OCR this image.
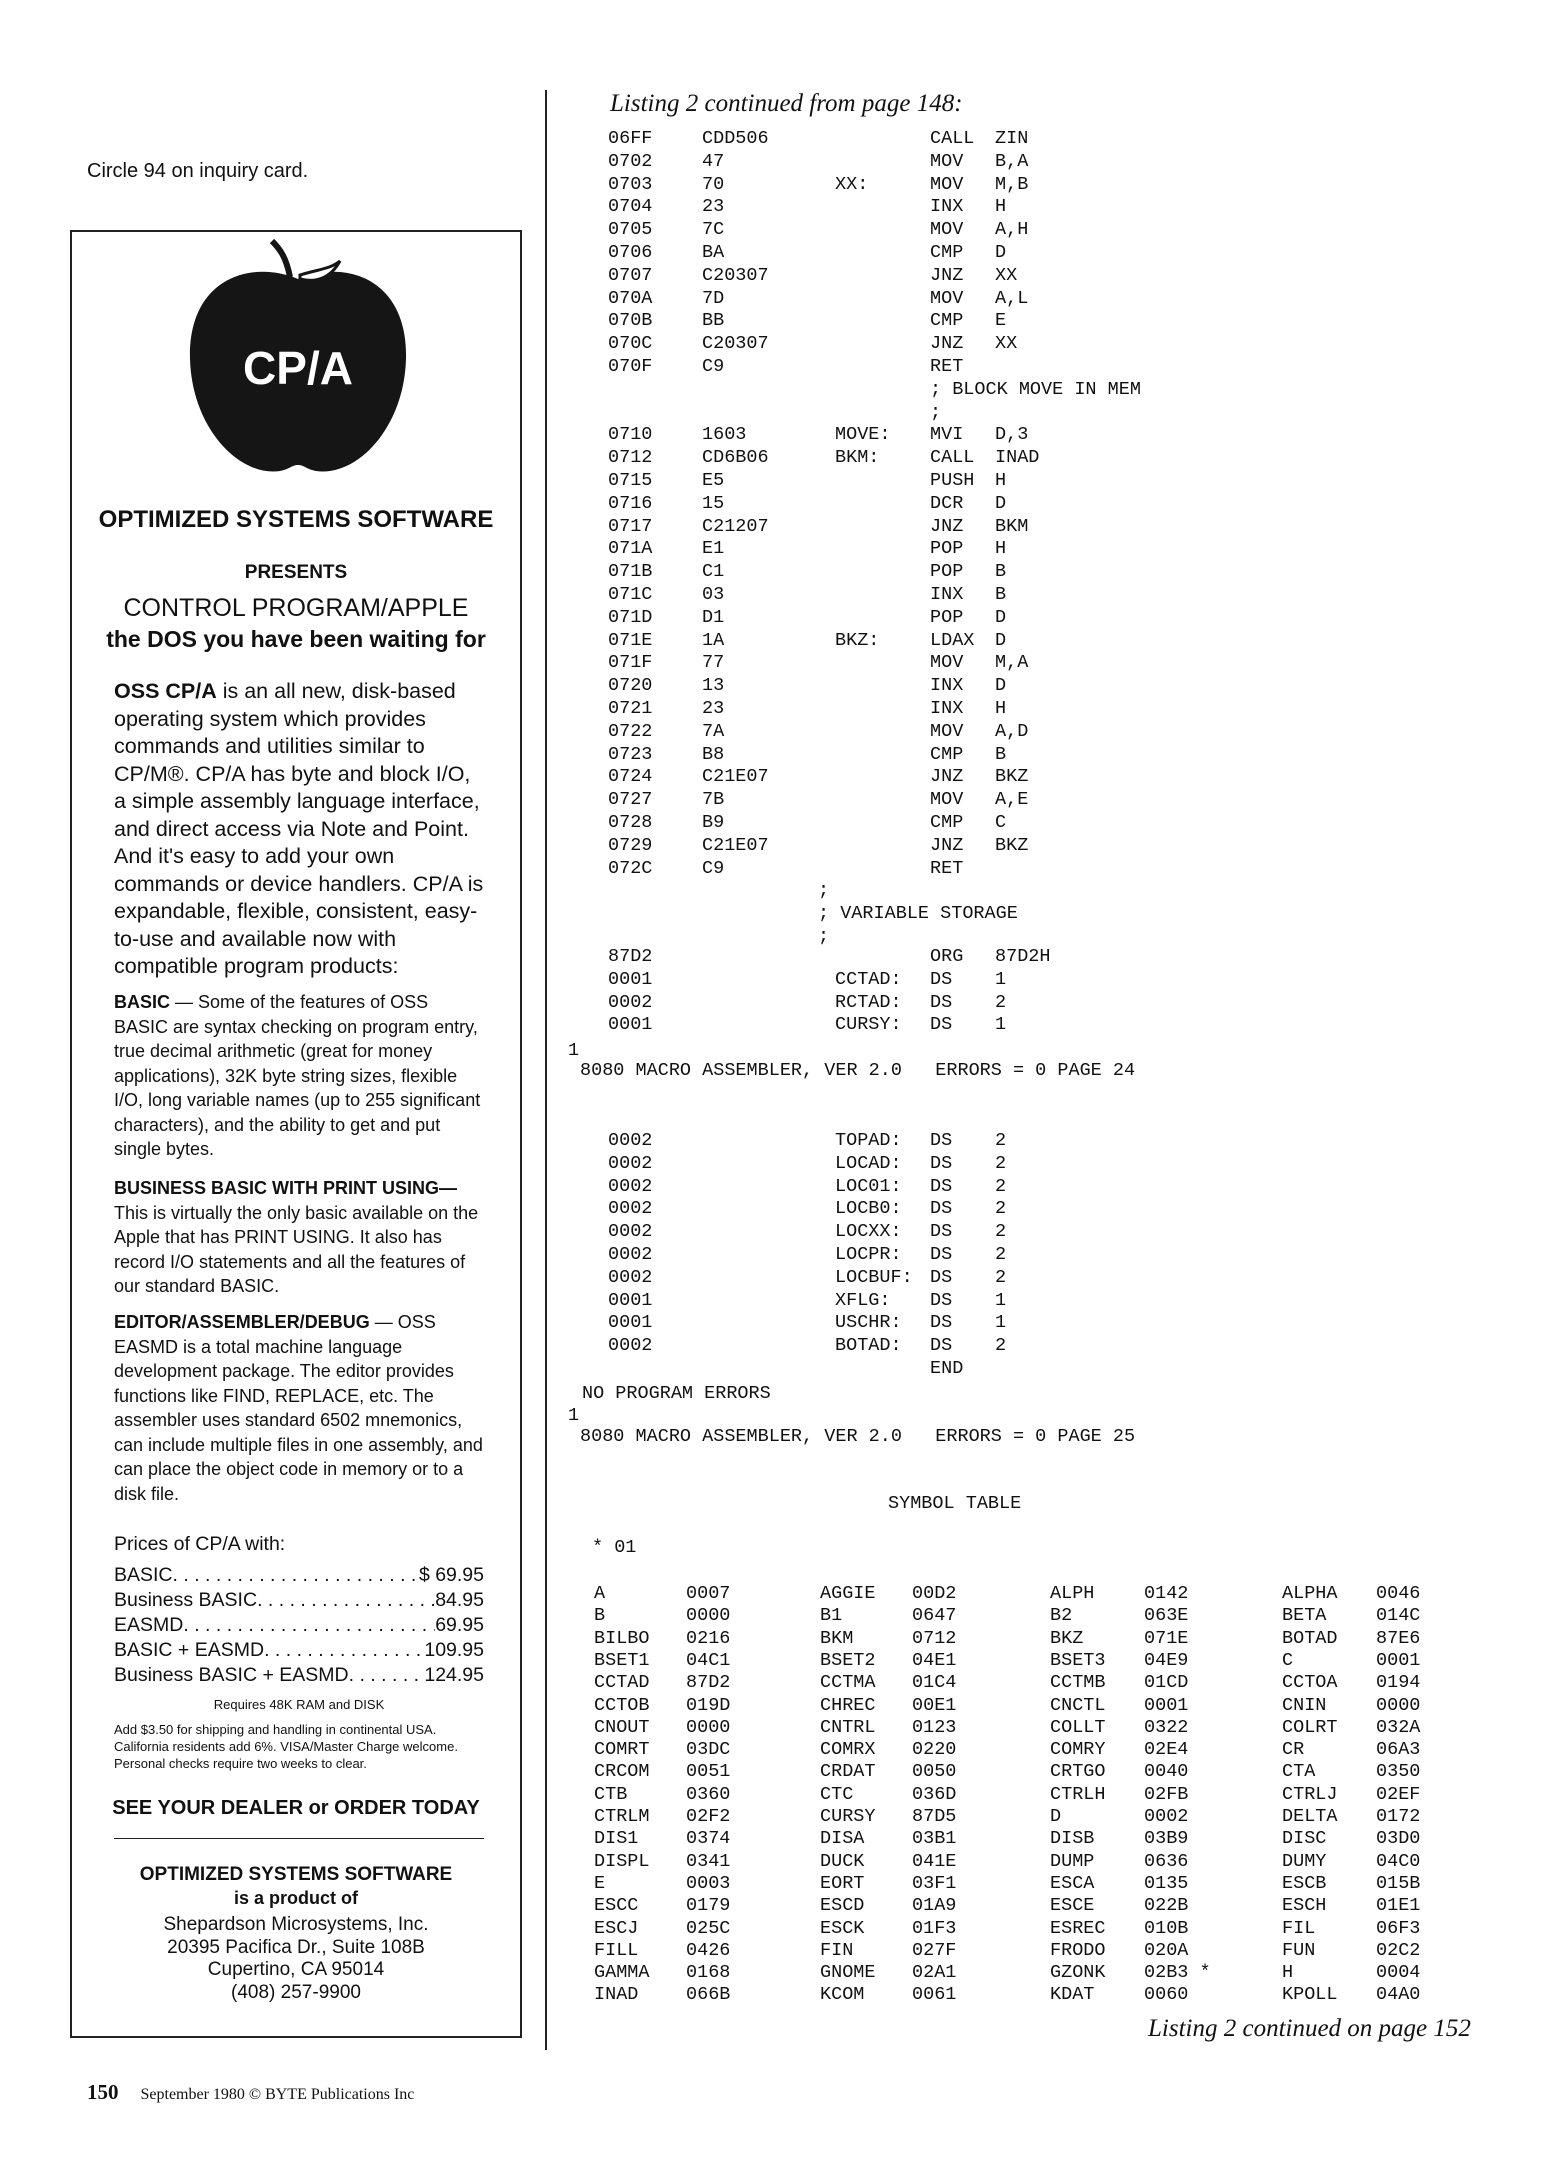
Circle 94 on inquiry card.
CP/A
OPTIMIZED SYSTEMS SOFTWARE
PRESENTS
CONTROL PROGRAM/APPLE
the DOS you have been waiting for

OSS CP/A is an all new, disk-based operating system which provides commands and utilities similar to CP/M®. CP/A has byte and block I/O, a simple assembly language interface, and direct access via Note and Point. And it's easy to add your own commands or device handlers. CP/A is expandable, flexible, consistent, easy-to-use and available now with compatible program products:

BASIC — Some of the features of OSS BASIC are syntax checking on program entry, true decimal arithmetic (great for money applications), 32K byte string sizes, flexible I/O, long variable names (up to 255 significant characters), and the ability to get and put single bytes.

BUSINESS BASIC WITH PRINT USING—
This is virtually the only basic available on the Apple that has PRINT USING. It also has record I/O statements and all the features of our standard BASIC.

EDITOR/ASSEMBLER/DEBUG — OSS EASMD is a total machine language development package. The editor provides functions like FIND, REPLACE, etc. The assembler uses standard 6502 mnemonics, can include multiple files in one assembly, and can place the object code in memory or to a disk file.

Prices of CP/A with:
BASIC . . .	$ 69.95
Business BASIC . . .	84.95
EASMD . . .	69.95
BASIC + EASMD . . .	109.95
Business BASIC + EASMD . . .	124.95

Requires 48K RAM and DISK

Add $3.50 for shipping and handling in continental USA. California residents add 6%. VISA/Master Charge welcome. Personal checks require two weeks to clear.

SEE YOUR DEALER or ORDER TODAY
OPTIMIZED SYSTEMS SOFTWARE
is a product of
Shepardson Microsystems, Inc.
20395 Pacifica Dr., Suite 108B
Cupertino, CA 95014
(408) 257-9900
150 September 1980 © BYTE Publications Inc
Listing 2 continued from page 148:
06FF	CDD506	CALL ZIN
0702	47	MOV B,A
0703	70	XX:	MOV M,B
0704	23	INX H
0705	7C	MOV A,H
0706	BA	CMP D
0707	C20307	JNZ XX
070A	7D	MOV A,L
070B	BB	CMP E
070C	C20307	JNZ XX
070F	C9	RET
; BLOCK MOVE IN MEM
;
0710	1603	MOVE: MVI D,3
0712	CD6B06	BKM:	CALL INAD
0715	E5	PUSH H
0716	15	DCR D
0717	C21207	JNZ BKM
071A	E1	POP H
071B	C1	POP B
071C	03	INX B
071D	D1	POP D
071E	1A	BKZ:	LDAX D
071F	77	MOV M,A
0720	13	INX D
0721	23	INX H
0722	7A	MOV A,D
0723	B8	CMP B
0724	C21E07	JNZ BKZ
0727	7B	MOV A,E
0728	B9	CMP C
0729	C21E07	JNZ BKZ
072C	C9	RET
;
; VARIABLE STORAGE
;
87D2	ORG 87D2H
0001	CCTAD: DS 1
0002	RCTAD: DS 2
0001	CURSY: DS 1
1
8080 MACRO ASSEMBLER, VER 2.0   ERRORS = 0 PAGE 24
0002	TOPAD: DS 2
0002	LOCAD: DS 2
0002	LOC01: DS 2
0002	LOCB0: DS 2
0002	LOCXX: DS 2
0002	LOCPR: DS 2
0002	LOCBUF: DS 2
0001	XFLG: DS 1
0001	USCHR: DS 1
0002	BOTAD: DS 2
END
NO PROGRAM ERRORS
1
8080 MACRO ASSEMBLER, VER 2.0   ERRORS = 0 PAGE 25
SYMBOL TABLE
* 01
A	0007	AGGIE 00D2	ALPH	0142	ALPHA 0046
B	0000	B1	0647	B2	063E	BETA	014C
BILBO 0216	BKM	0712	BKZ	071E	BOTAD 87E6
BSET1 04C1	BSET2 04E1	BSET3 04E9	C	0001
CCTAD 87D2	CCTMA 01C4	CCTMB 01CD	CCTOA 0194
CCTOB 019D	CHREC 00E1	CNCTL 0001	CNIN	0000
CNOUT 0000	CNTRL 0123	COLLT 0322	COLRT 032A
COMRT 03DC	COMRX 0220	COMRY 02E4	CR	06A3
CRCOM 0051	CRDAT 0050	CRTGO 0040	CTA	0350
CTB	0360	CTC	036D	CTRLH 02FB	CTRLJ 02EF
CTRLM 02F2	CURSY 87D5	D	0002	DELTA 0172
DIS1	0374	DISA	03B1	DISB	03B9	DISC	03D0
DISPL 0341	DUCK	041E	DUMP	0636	DUMY	04C0
E	0003	EORT	03F1	ESCA	0135	ESCB	015B
ESCC	0179	ESCD	01A9	ESCE	022B	ESCH	01E1
ESCJ	025C	ESCK	01F3	ESREC 010B	FIL	06F3
FILL	0426	FIN	027F	FRODO 020A	FUN	02C2
GAMMA 0168	GNOME 02A1	GZONK 02B3 *	H	0004
INAD	066B	KCOM	0061	KDAT	0060	KPOLL 04A0
Listing 2 continued on page 152
